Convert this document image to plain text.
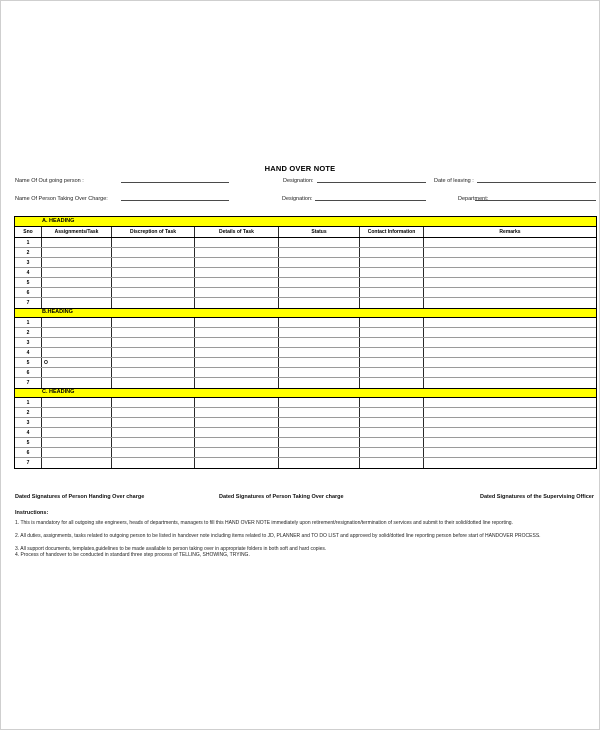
HAND OVER NOTE
Name Of Out going person :	Designation:	Date of leaving :
Name Of Person Taking Over Charge:	Designation:	Department:
A. HEADING
Sno	Assignments/Task	Discreption of Task	Details of Task	Status	Contact Information	Remarks
1
2
3
4
5
6
7
B.HEADING
1
2
3
4
5	O
6
7
C. HEADING
1
2
3
4
5
6
7
Dated Signatures of Person Handing Over charge	Dated Signatures of Person Taking Over charge	Dated Signatures of the Supervising Officer
Instructions:
1. This is mandatory for all outgoing site engineers, heads of departments, managers to fill this HAND OVER NOTE immediately upon retirement/resignation/termination of services and submit to their solid/dotted line reporting.
2. All duties, assignments, tasks related to outgoing person to be listed in handover note including items related to JD, PLANNER and TO DO LIST and approved by solid/dotted line reporting person before start of HANDOVER PROCESS.
3. All support documents, templates,guidelines to be made available to person taking over in appropriate folders in both soft and hard copies.
4. Process of handover to be conducted in standard three step process of TELLING, SHOWING, TRYING.
